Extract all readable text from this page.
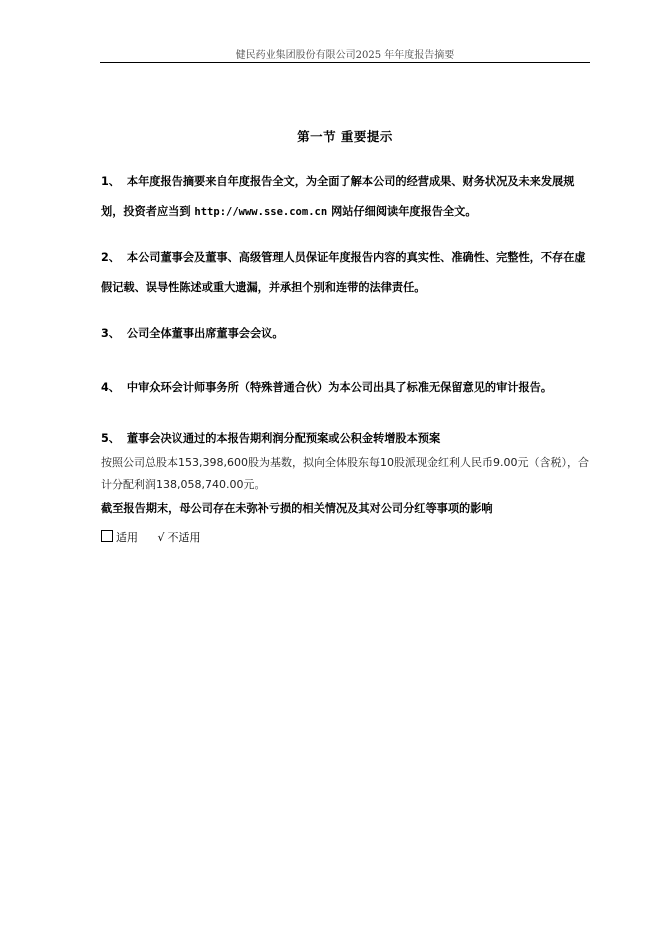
健民药业集团股份有限公司2025 年年度报告摘要
第一节 重要提示
1、 本年度报告摘要来自年度报告全文，为全面了解本公司的经营成果、财务状况及未来发展规划，投资者应当到 http://www.sse.com.cn 网站仔细阅读年度报告全文。
2、 本公司董事会及董事、高级管理人员保证年度报告内容的真实性、准确性、完整性，不存在虚假记载、误导性陈述或重大遗漏，并承担个别和连带的法律责任。
3、 公司全体董事出席董事会会议。
4、 中审众环会计师事务所（特殊普通合伙）为本公司出具了标准无保留意见的审计报告。
5、 董事会决议通过的本报告期利润分配预案或公积金转增股本预案
按照公司总股本153,398,600股为基数，拟向全体股东每10股派现金红利人民币9.00元（含税），合计分配利润138,058,740.00元。
截至报告期末，母公司存在未弥补亏损的相关情况及其对公司分红等事项的影响
适用 √ 不适用
